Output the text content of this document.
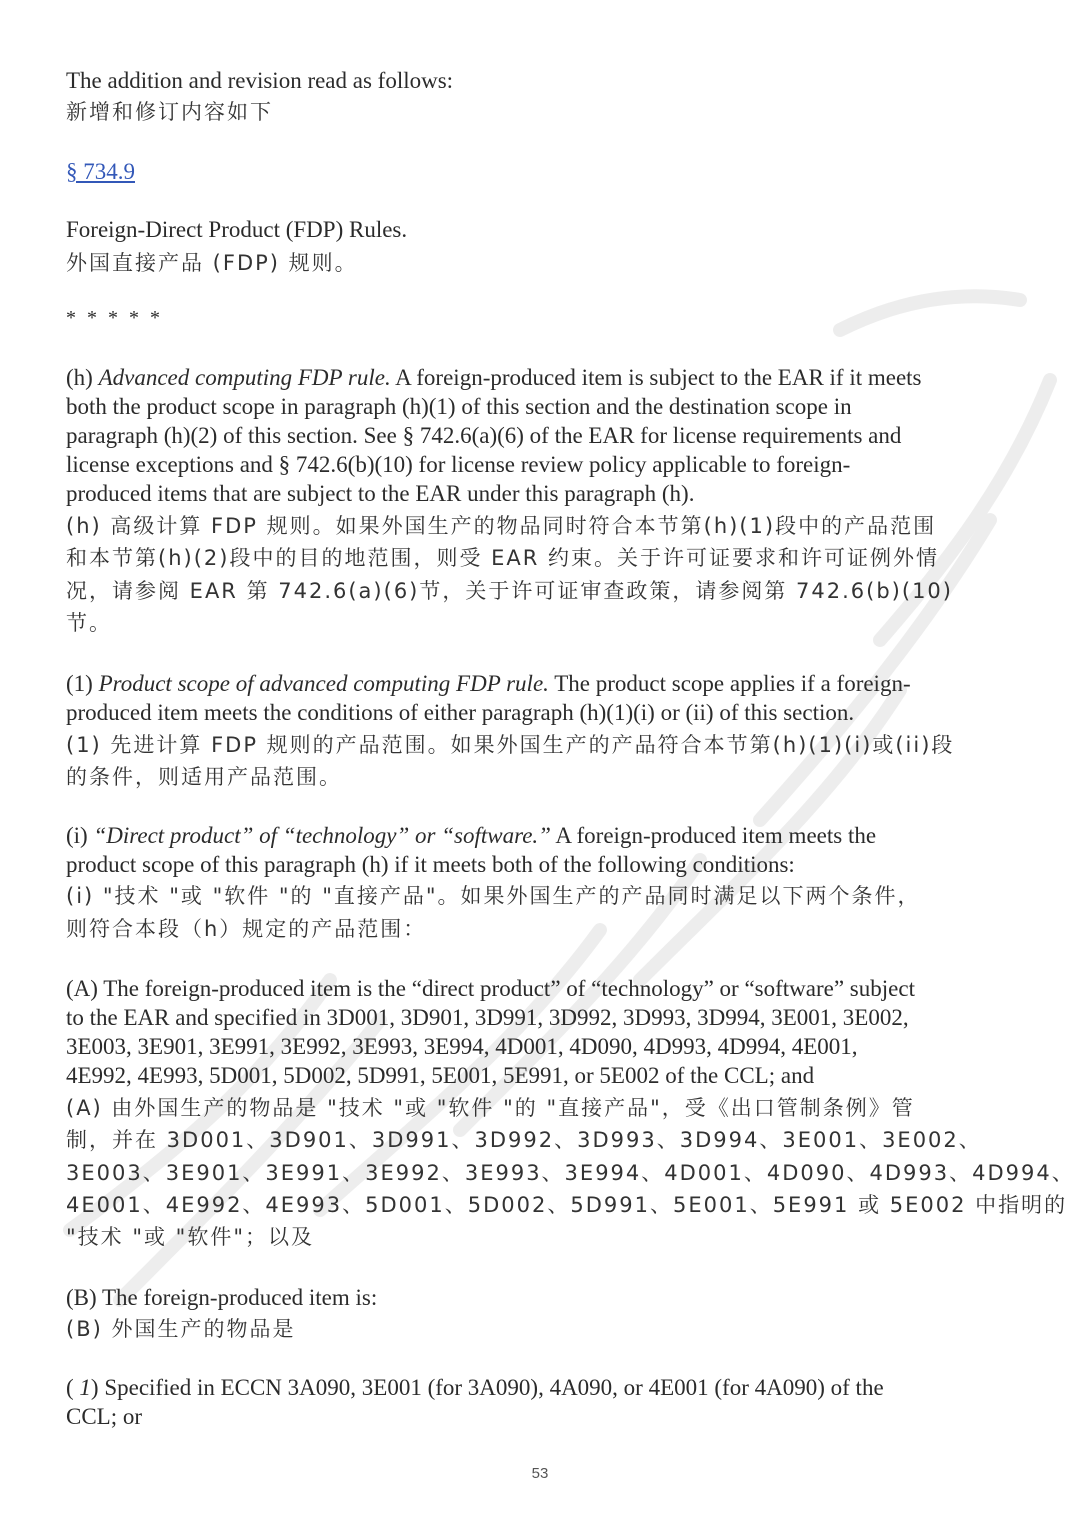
The addition and revision read as follows:
新增和修订内容如下
§ 734.9
Foreign-Direct Product (FDP) Rules.
外国直接产品 (FDP) 规则。
* * * * *
(h) Advanced computing FDP rule. A foreign-produced item is subject to the EAR if it meets
both the product scope in paragraph (h)(1) of this section and the destination scope in
paragraph (h)(2) of this section. See § 742.6(a)(6) of the EAR for license requirements and
license exceptions and § 742.6(b)(10) for license review policy applicable to foreign-
produced items that are subject to the EAR under this paragraph (h).
(h) 高级计算 FDP 规则。如果外国生产的物品同时符合本节第(h)(1)段中的产品范围
和本节第(h)(2)段中的目的地范围，则受 EAR 约束。关于许可证要求和许可证例外情
况，请参阅 EAR 第 742.6(a)(6)节，关于许可证审查政策，请参阅第 742.6(b)(10)
节。
(1) Product scope of advanced computing FDP rule. The product scope applies if a foreign-
produced item meets the conditions of either paragraph (h)(1)(i) or (ii) of this section.
(1) 先进计算 FDP 规则的产品范围。如果外国生产的产品符合本节第(h)(1)(i)或(ii)段
的条件，则适用产品范围。
(i) “Direct product” of “technology” or “software.” A foreign-produced item meets the
product scope of this paragraph (h) if it meets both of the following conditions:
(i) "技术 "或 "软件 "的 "直接产品"。如果外国生产的产品同时满足以下两个条件，
则符合本段（h）规定的产品范围：
(A) The foreign-produced item is the “direct product” of “technology” or “software” subject
to the EAR and specified in 3D001, 3D901, 3D991, 3D992, 3D993, 3D994, 3E001, 3E002,
3E003, 3E901, 3E991, 3E992, 3E993, 3E994, 4D001, 4D090, 4D993, 4D994, 4E001,
4E992, 4E993, 5D001, 5D002, 5D991, 5E001, 5E991, or 5E002 of the CCL; and
(A) 由外国生产的物品是 "技术 "或 "软件 "的 "直接产品"，受《出口管制条例》管
制，并在 3D001、3D901、3D991、3D992、3D993、3D994、3E001、3E002、
3E003、3E901、3E991、3E992、3E993、3E994、4D001、4D090、4D993、4D994、
4E001、4E992、4E993、5D001、5D002、5D991、5E001、5E991 或 5E002 中指明的
"技术 "或 "软件"；以及
(B) The foreign-produced item is:
(B) 外国生产的物品是
( 1) Specified in ECCN 3A090, 3E001 (for 3A090), 4A090, or 4E001 (for 4A090) of the
CCL; or
53
